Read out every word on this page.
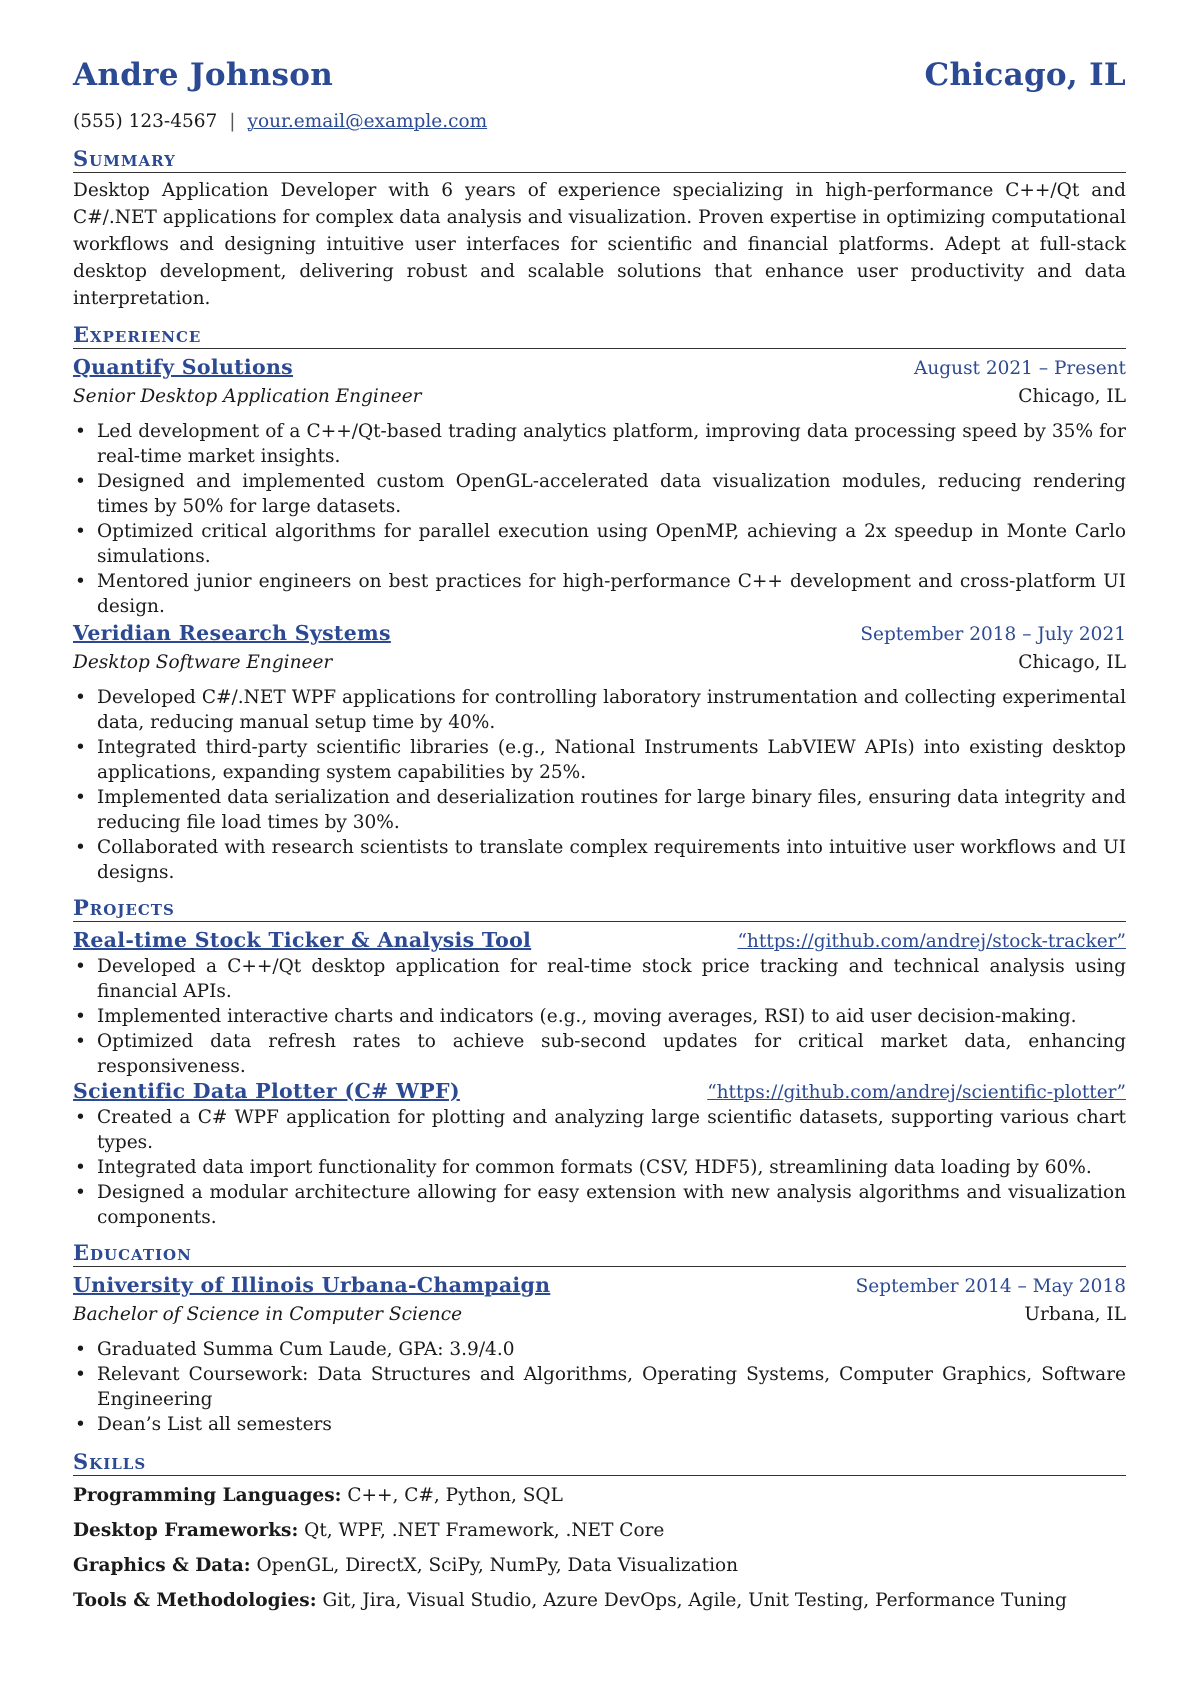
Andre Johnson	Chicago, IL
(555) 123-4567 | your.email@example.com
Summary
Desktop Application Developer with 6 years of experience specializing in high-performance C++/Qt and C#/.NET applications for complex data analysis and visualization. Proven expertise in optimizing computational workflows and designing intuitive user interfaces for scientific and financial platforms. Adept at full-stack desktop development, delivering robust and scalable solutions that enhance user productivity and data interpretation.
Experience
Quantify Solutions	August 2021 – Present
Senior Desktop Application Engineer	Chicago, IL
• Led development of a C++/Qt-based trading analytics platform, improving data processing speed by 35% for real-time market insights.
• Designed and implemented custom OpenGL-accelerated data visualization modules, reducing rendering times by 50% for large datasets.
• Optimized critical algorithms for parallel execution using OpenMP, achieving a 2x speedup in Monte Carlo simulations.
• Mentored junior engineers on best practices for high-performance C++ development and cross-platform UI design.
Veridian Research Systems	September 2018 – July 2021
Desktop Software Engineer	Chicago, IL
• Developed C#/.NET WPF applications for controlling laboratory instrumentation and collecting experimental data, reducing manual setup time by 40%.
• Integrated third-party scientific libraries (e.g., National Instruments LabVIEW APIs) into existing desktop applications, expanding system capabilities by 25%.
• Implemented data serialization and deserialization routines for large binary files, ensuring data integrity and reducing file load times by 30%.
• Collaborated with research scientists to translate complex requirements into intuitive user workflows and UI designs.
Projects
Real-time Stock Ticker & Analysis Tool	“https://github.com/andrej/stock-tracker”
• Developed a C++/Qt desktop application for real-time stock price tracking and technical analysis using financial APIs.
• Implemented interactive charts and indicators (e.g., moving averages, RSI) to aid user decision-making.
• Optimized data refresh rates to achieve sub-second updates for critical market data, enhancing responsiveness.
Scientific Data Plotter (C# WPF)	“https://github.com/andrej/scientific-plotter”
• Created a C# WPF application for plotting and analyzing large scientific datasets, supporting various chart types.
• Integrated data import functionality for common formats (CSV, HDF5), streamlining data loading by 60%.
• Designed a modular architecture allowing for easy extension with new analysis algorithms and visualization components.
Education
University of Illinois Urbana-Champaign	September 2014 – May 2018
Bachelor of Science in Computer Science	Urbana, IL
• Graduated Summa Cum Laude, GPA: 3.9/4.0
• Relevant Coursework: Data Structures and Algorithms, Operating Systems, Computer Graphics, Software Engineering
• Dean’s List all semesters
Skills
Programming Languages: C++, C#, Python, SQL
Desktop Frameworks: Qt, WPF, .NET Framework, .NET Core
Graphics & Data: OpenGL, DirectX, SciPy, NumPy, Data Visualization
Tools & Methodologies: Git, Jira, Visual Studio, Azure DevOps, Agile, Unit Testing, Performance Tuning
